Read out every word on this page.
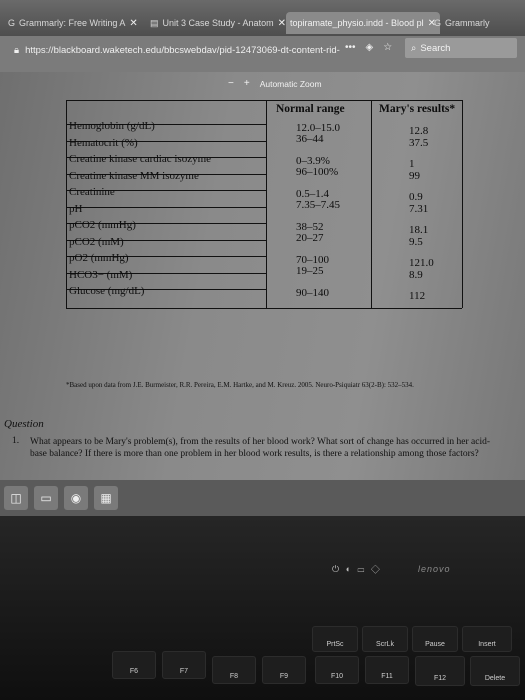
G Grammarly: Free Writing A ✕ ▤ Unit 3 Case Study - Anatom ✕ topiramate_physio.indd - Blood pl ✕
G Grammarly
🔒︎ https://blackboard.waketech.edu/bbcswebdav/pid-12473069-dt-content-rid- ••• ◈ ☆ ⌕ Search
Normal range	Mary's results*
Hemoglobin (g/dL)	12.0–15.0	12.8
Hematocrit (%)	36–44	37.5
Creatine kinase cardiac isozyme	0–3.9%	1
Creatine kinase MM isozyme	96–100%	99
Creatinine	0.5–1.4	0.9
pH	7.35–7.45	7.31
pCO2 (mmHg)	38–52	18.1
pCO2 (mM)	20–27	9.5
pO2 (mmHg)	70–100	121.0
HCO3− (mM)	19–25	8.9
Glucose (mg/dL)	90–140	112
*Based upon data from J.E. Burmeister, R.R. Pereira, E.M. Hartke, and M. Kreuz. 2005. Neuro-Psiquiatr 63(2-B): 532–534.
Question
1. What appears to be Mary's problem(s), from the results of her blood work? What sort of change has occurred in her acid-base balance? If there is more than one problem in her blood work results, is there a relationship among those factors?
− + Automatic Zoom
◫	▭	◉	▦
⏻ ◐ ▭ ◇	lenovo
F6	F7
F8	F9	F10	F11	F12
PrtSc	ScrLk	Pause	Insert
Delete
